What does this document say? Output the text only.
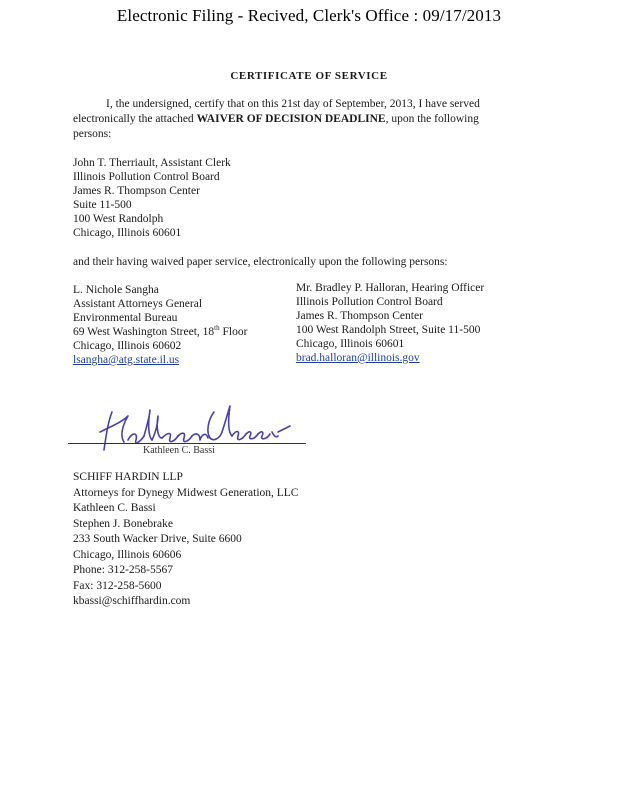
Electronic Filing - Recived, Clerk's Office : 09/17/2013
CERTIFICATE OF SERVICE
I, the undersigned, certify that on this 21st day of September, 2013, I have served electronically the attached WAIVER OF DECISION DEADLINE, upon the following persons:
John T. Therriault, Assistant Clerk
Illinois Pollution Control Board
James R. Thompson Center
Suite 11-500
100 West Randolph
Chicago, Illinois 60601
and their having waived paper service, electronically upon the following persons:
L. Nichole Sangha
Assistant Attorneys General
Environmental Bureau
69 West Washington Street, 18th Floor
Chicago, Illinois 60602
lsangha@atg.state.il.us
Mr. Bradley P. Halloran, Hearing Officer
Illinois Pollution Control Board
James R. Thompson Center
100 West Randolph Street, Suite 11-500
Chicago, Illinois 60601
brad.halloran@illinois.gov
Kathleen C. Bassi
SCHIFF HARDIN LLP
Attorneys for Dynegy Midwest Generation, LLC
Kathleen C. Bassi
Stephen J. Bonebrake
233 South Wacker Drive, Suite 6600
Chicago, Illinois 60606
Phone: 312-258-5567
Fax: 312-258-5600
kbassi@schiffhardin.com
